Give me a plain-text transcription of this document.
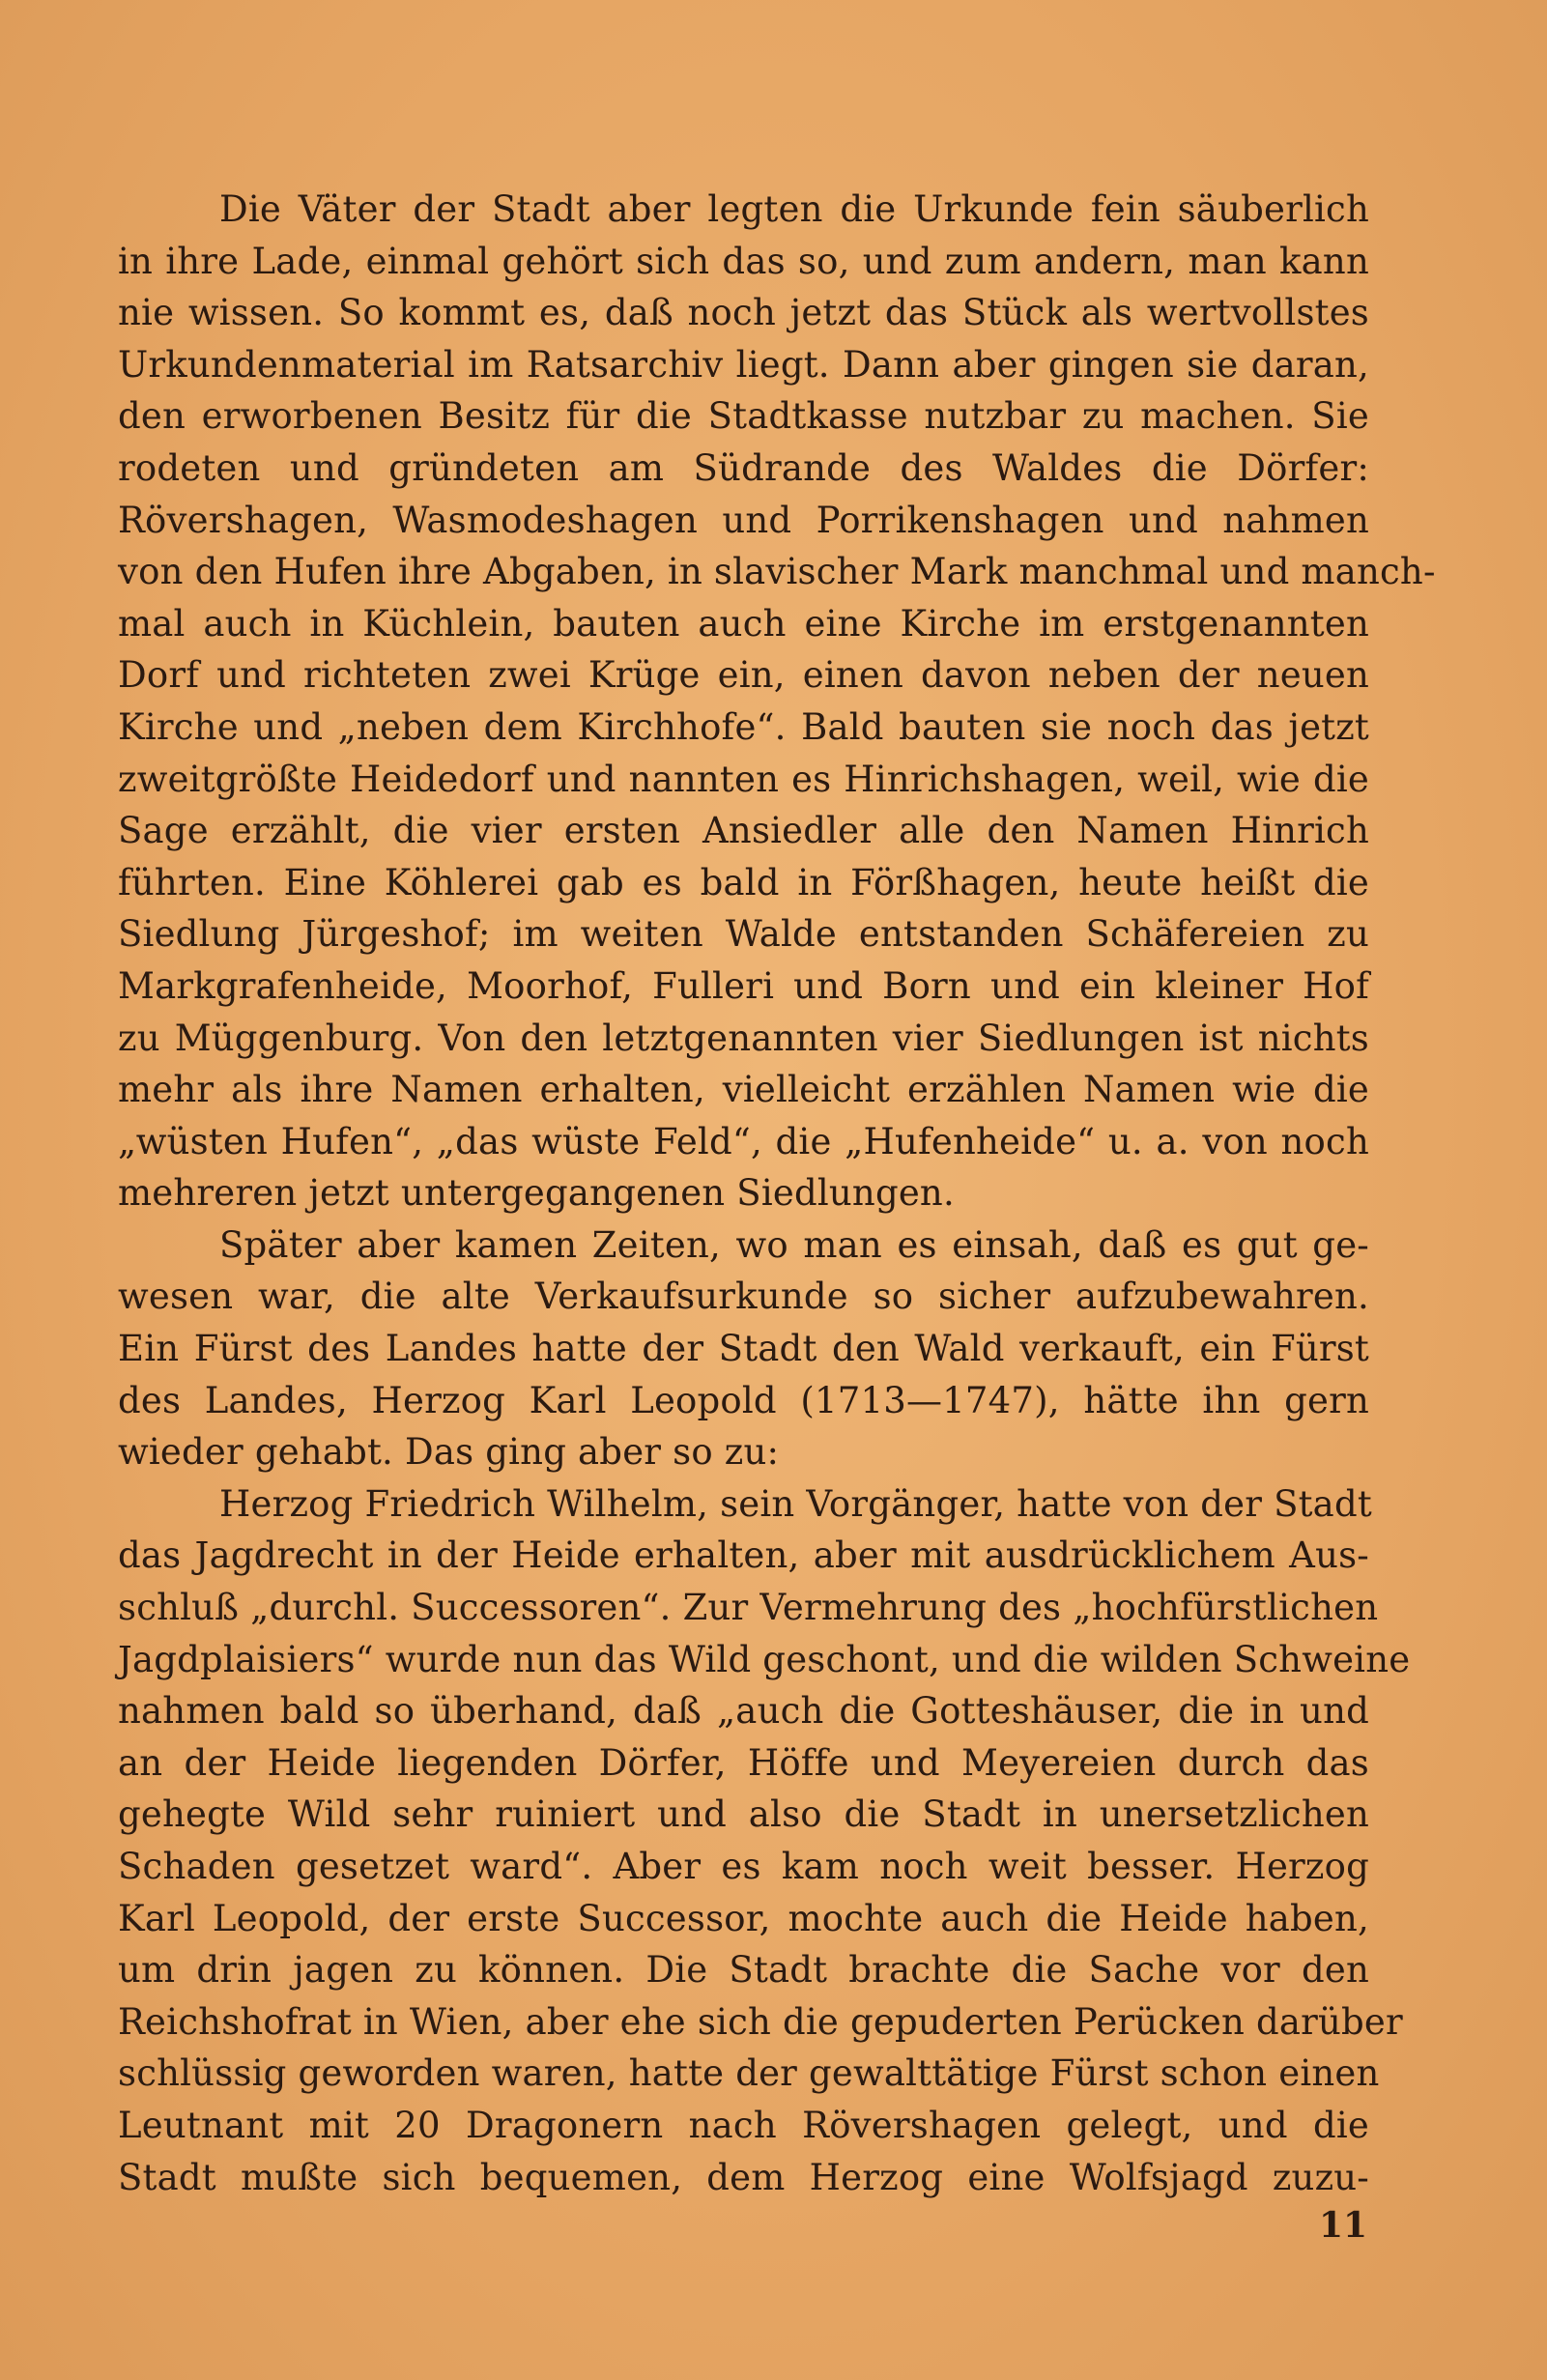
Die Väter der Stadt aber legten die Urkunde fein säuberlich
in ihre Lade, einmal gehört sich das so, und zum andern, man kann
nie wissen. So kommt es, daß noch jetzt das Stück als wertvollstes
Urkundenmaterial im Ratsarchiv liegt. Dann aber gingen sie daran,
den erworbenen Besitz für die Stadtkasse nutzbar zu machen. Sie
rodeten und gründeten am Südrande des Waldes die Dörfer:
Rövershagen, Wasmodeshagen und Porrikenshagen und nahmen
von den Hufen ihre Abgaben, in slavischer Mark manchmal und manch-
mal auch in Küchlein, bauten auch eine Kirche im erstgenannten
Dorf und richteten zwei Krüge ein, einen davon neben der neuen
Kirche und „neben dem Kirchhofe“. Bald bauten sie noch das jetzt
zweitgrößte Heidedorf und nannten es Hinrichshagen, weil, wie die
Sage erzählt, die vier ersten Ansiedler alle den Namen Hinrich
führten. Eine Köhlerei gab es bald in Förßhagen, heute heißt die
Siedlung Jürgeshof; im weiten Walde entstanden Schäfereien zu
Markgrafenheide, Moorhof, Fulleri und Born und ein kleiner Hof
zu Müggenburg. Von den letztgenannten vier Siedlungen ist nichts
mehr als ihre Namen erhalten, vielleicht erzählen Namen wie die
„wüsten Hufen“, „das wüste Feld“, die „Hufenheide“ u. a. von noch
mehreren jetzt untergegangenen Siedlungen.
Später aber kamen Zeiten, wo man es einsah, daß es gut ge-
wesen war, die alte Verkaufsurkunde so sicher aufzubewahren.
Ein Fürst des Landes hatte der Stadt den Wald verkauft, ein Fürst
des Landes, Herzog Karl Leopold (1713—1747), hätte ihn gern
wieder gehabt. Das ging aber so zu:
Herzog Friedrich Wilhelm, sein Vorgänger, hatte von der Stadt
das Jagdrecht in der Heide erhalten, aber mit ausdrücklichem Aus-
schluß „durchl. Successoren“. Zur Vermehrung des „hochfürstlichen
Jagdplaisiers“ wurde nun das Wild geschont, und die wilden Schweine
nahmen bald so überhand, daß „auch die Gotteshäuser, die in und
an der Heide liegenden Dörfer, Höffe und Meyereien durch das
gehegte Wild sehr ruiniert und also die Stadt in unersetzlichen
Schaden gesetzet ward“. Aber es kam noch weit besser. Herzog
Karl Leopold, der erste Successor, mochte auch die Heide haben,
um drin jagen zu können. Die Stadt brachte die Sache vor den
Reichshofrat in Wien, aber ehe sich die gepuderten Perücken darüber
schlüssig geworden waren, hatte der gewalttätige Fürst schon einen
Leutnant mit 20 Dragonern nach Rövershagen gelegt, und die
Stadt mußte sich bequemen, dem Herzog eine Wolfsjagd zuzu-
11
